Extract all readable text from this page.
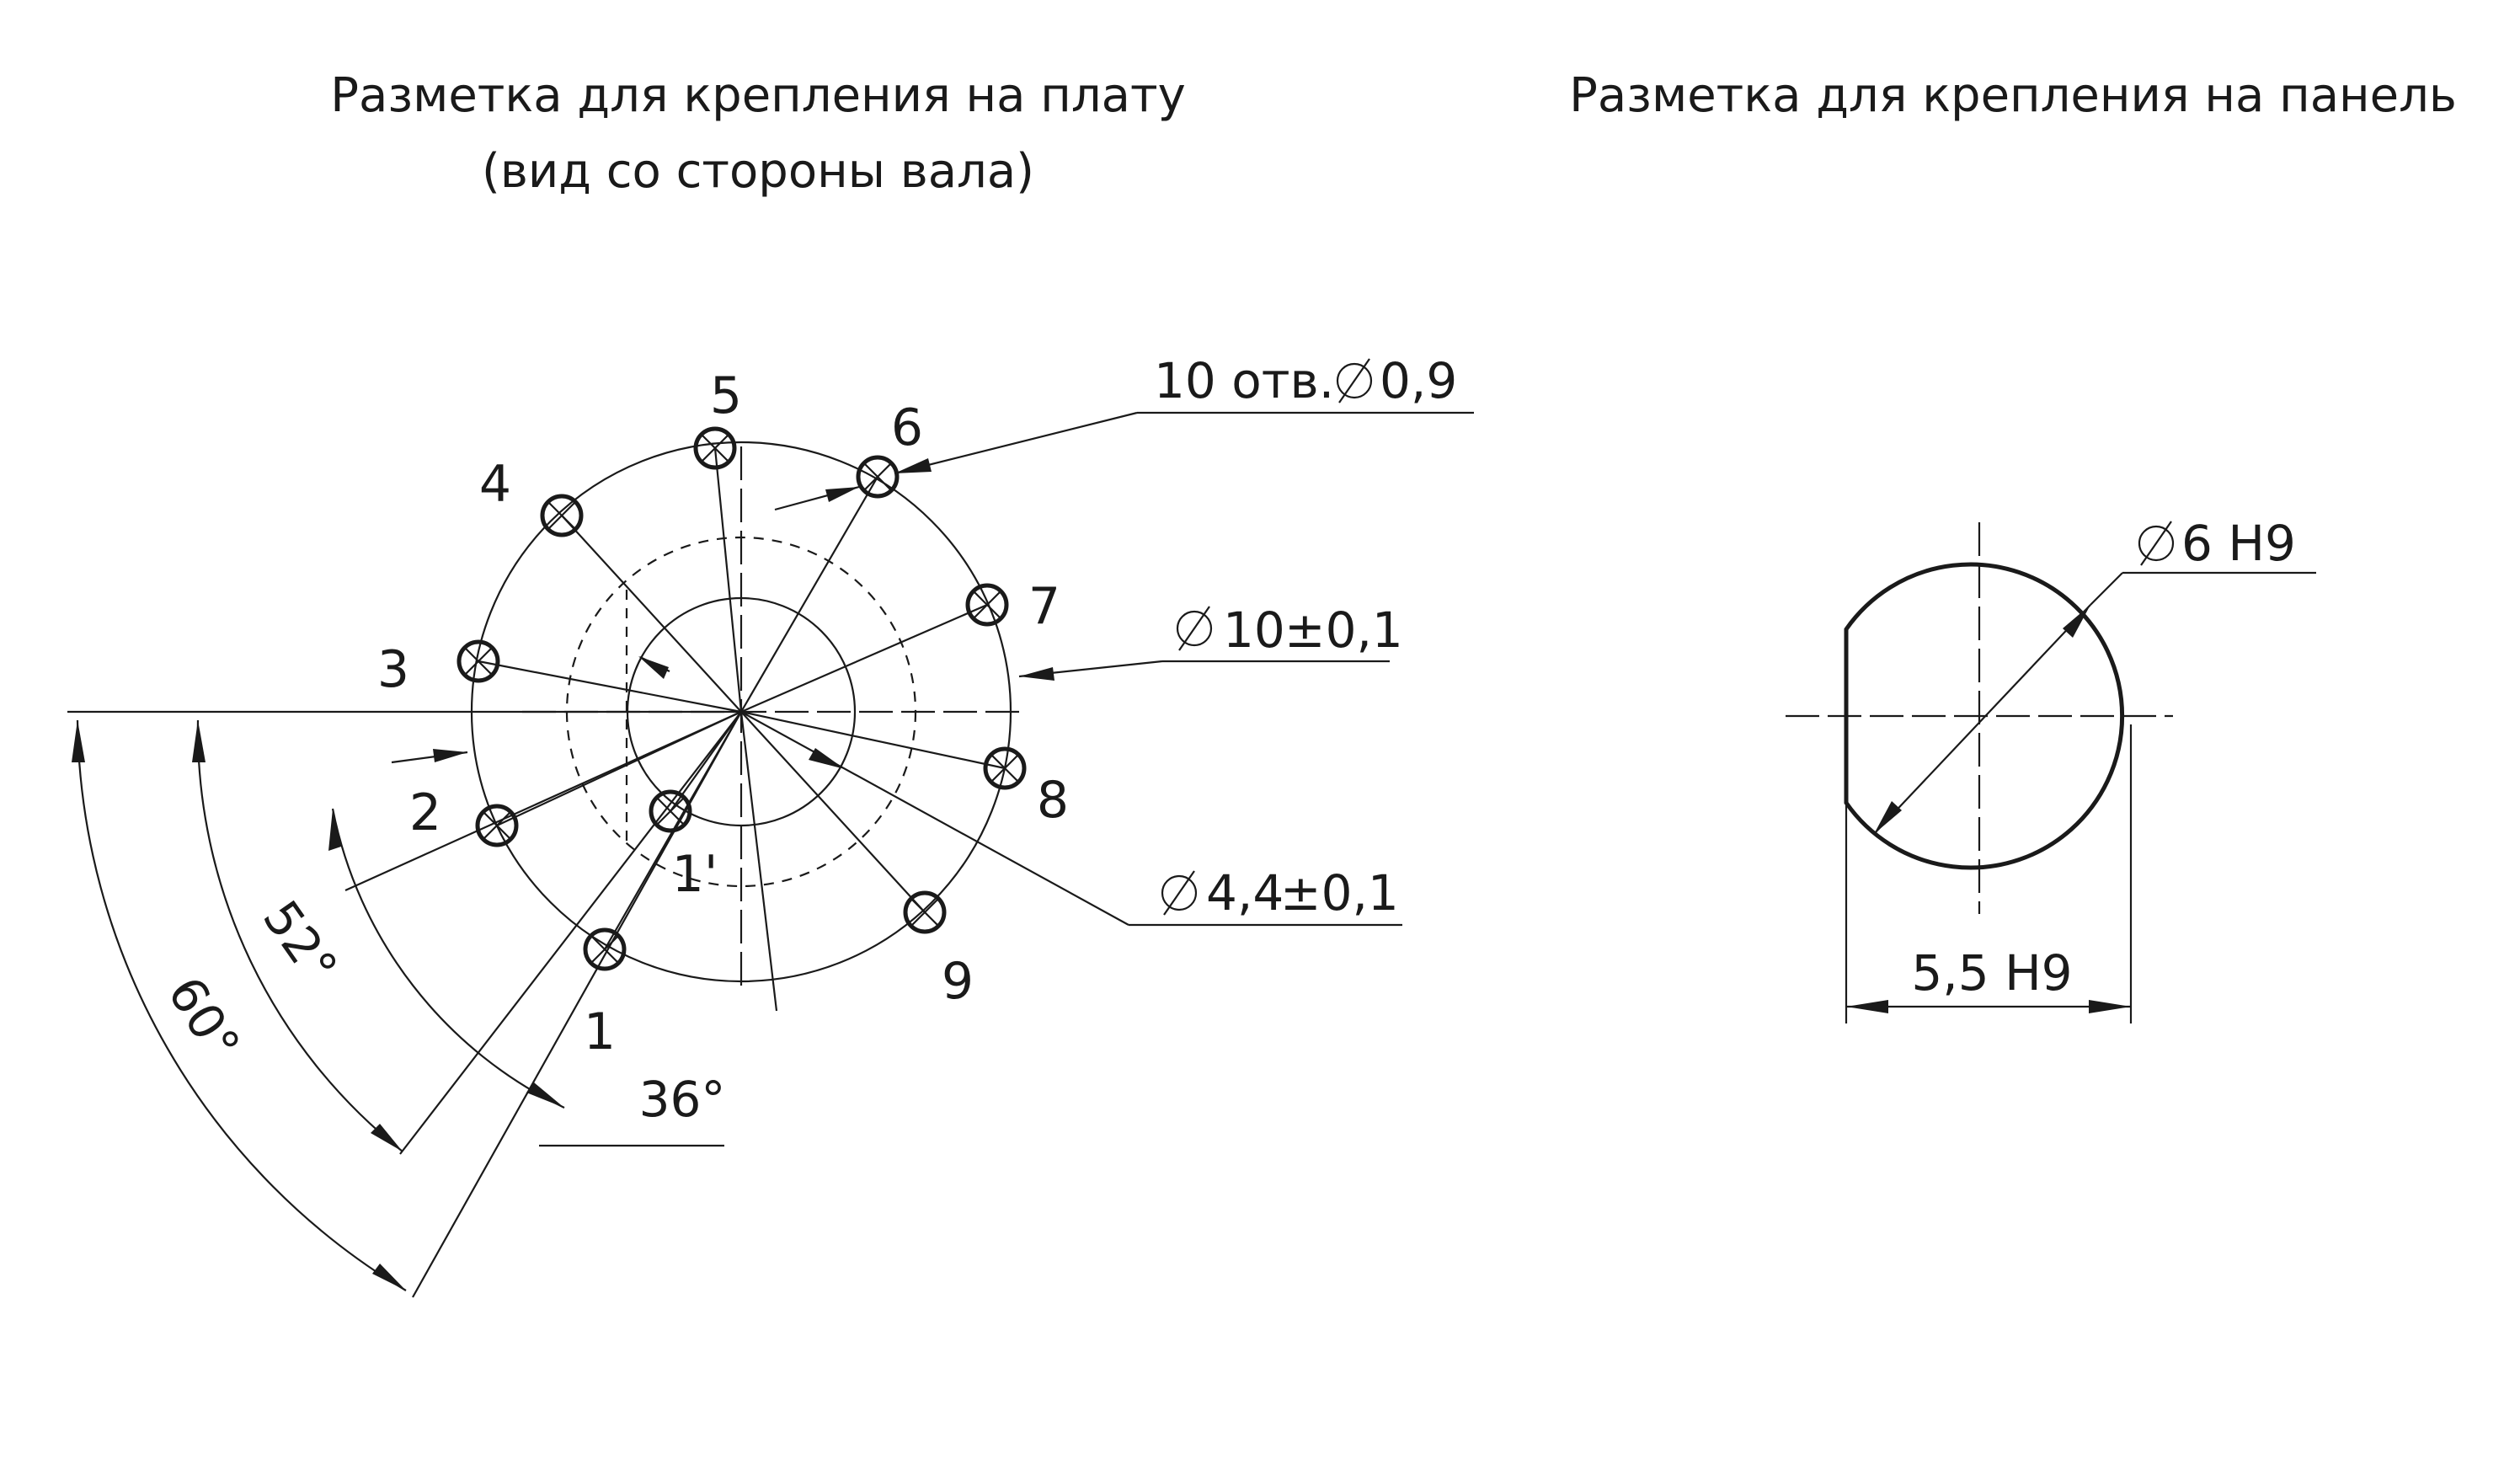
Разметка для крепления на плату
(вид со стороны вала)
1
2
3
4
5
6
7
8
9
1'
10 отв. 0,9
10 ±0,1
4,4
±0,1
36°
52°
60°
Разметка для крепления на панель
6 Н9
5,5 Н9
